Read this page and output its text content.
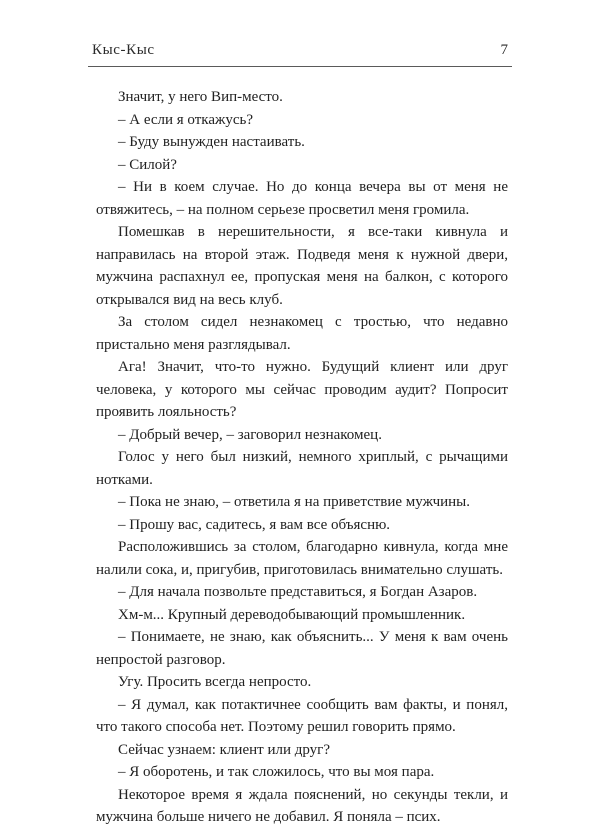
Кыс-Кыс	7

Значит, у него Вип-место.

– А если я откажусь?

– Буду вынужден настаивать.

– Силой?

– Ни в коем случае. Но до конца вечера вы от меня не отвяжитесь, – на полном серьезе просветил меня громила.

Помешкав в нерешительности, я все-таки кивнула и направилась на второй этаж. Подведя меня к нужной двери, мужчина распахнул ее, пропуская меня на балкон, с которого открывался вид на весь клуб.

За столом сидел незнакомец с тростью, что недавно пристально меня разглядывал.

Ага! Значит, что-то нужно. Будущий клиент или друг человека, у которого мы сейчас проводим аудит? Попросит проявить лояльность?

– Добрый вечер, – заговорил незнакомец.

Голос у него был низкий, немного хриплый, с рычащими нотками.

– Пока не знаю, – ответила я на приветствие мужчины.

– Прошу вас, садитесь, я вам все объясню.

Расположившись за столом, благодарно кивнула, когда мне налили сока, и, пригубив, приготовилась внимательно слушать.

– Для начала позвольте представиться, я Богдан Азаров.

Хм-м... Крупный дереводобывающий промышленник.

– Понимаете, не знаю, как объяснить... У меня к вам очень непростой разговор.

Угу. Просить всегда непросто.

– Я думал, как потактичнее сообщить вам факты, и понял, что такого способа нет. Поэтому решил говорить прямо.

Сейчас узнаем: клиент или друг?

– Я оборотень, и так сложилось, что вы моя пара.

Некоторое время я ждала пояснений, но секунды текли, и мужчина больше ничего не добавил. Я поняла – псих.
